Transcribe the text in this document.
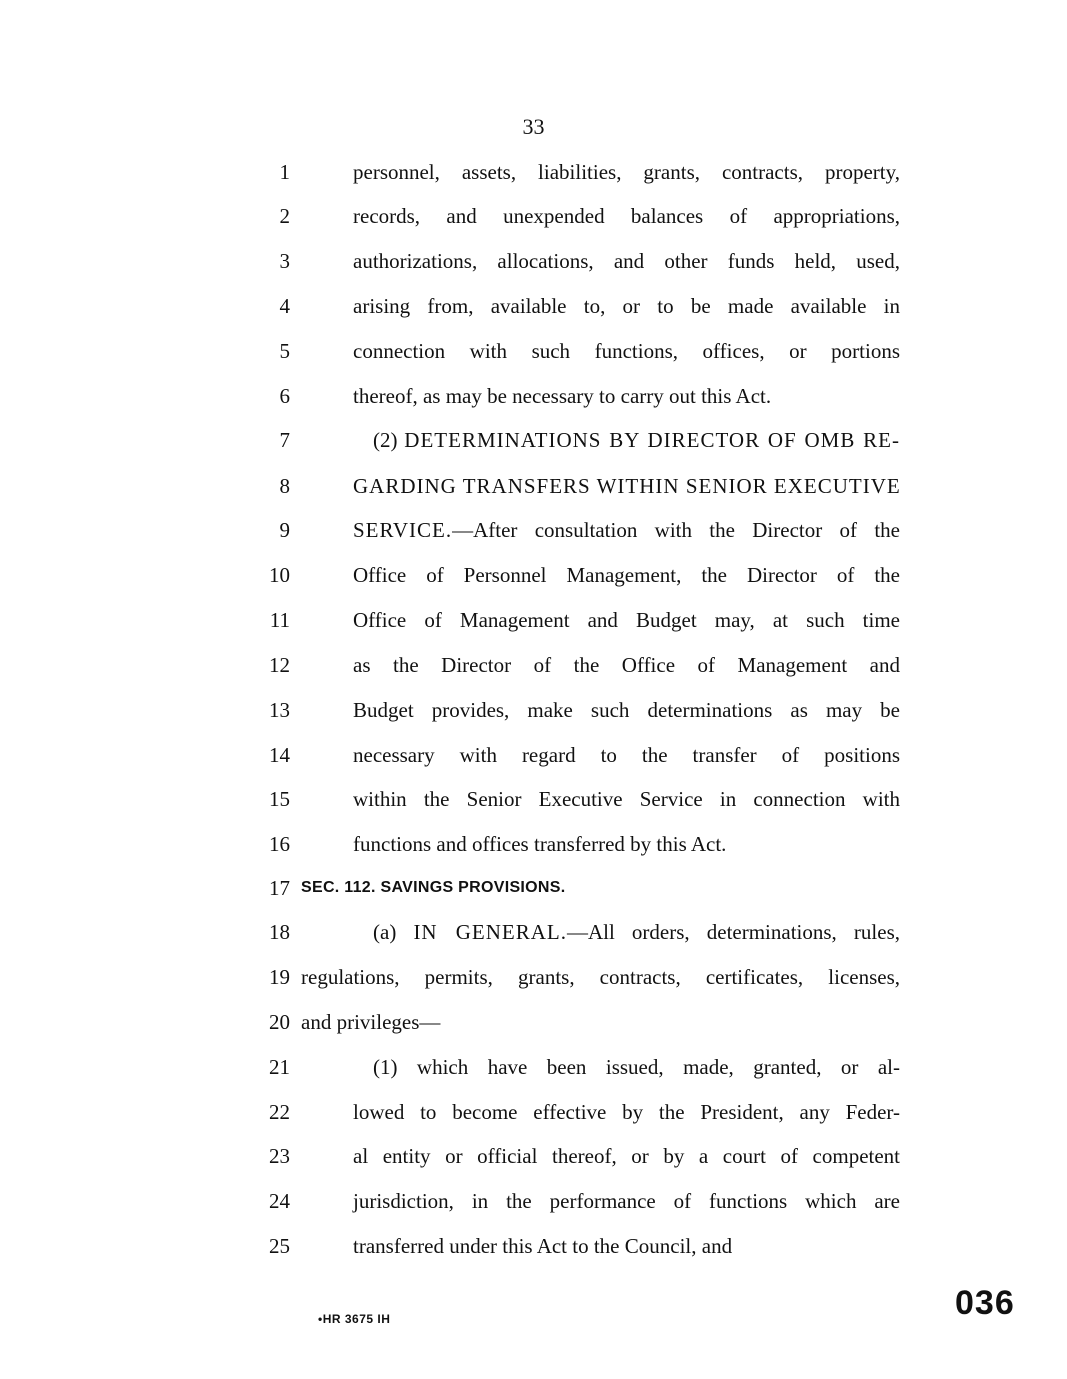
33
1	personnel, assets, liabilities, grants, contracts, property,
2	records, and unexpended balances of appropriations,
3	authorizations, allocations, and other funds held, used,
4	arising from, available to, or to be made available in
5	connection with such functions, offices, or portions
6	thereof, as may be necessary to carry out this Act.
7	(2) DETERMINATIONS BY DIRECTOR OF OMB RE-
8	GARDING TRANSFERS WITHIN SENIOR EXECUTIVE
9	SERVICE.—After consultation with the Director of the
10	Office of Personnel Management, the Director of the
11	Office of Management and Budget may, at such time
12	as the Director of the Office of Management and
13	Budget provides, make such determinations as may be
14	necessary with regard to the transfer of positions
15	within the Senior Executive Service in connection with
16	functions and offices transferred by this Act.
17 SEC. 112. SAVINGS PROVISIONS.
18	(a) IN GENERAL.—All orders, determinations, rules,
19 regulations, permits, grants, contracts, certificates, licenses,
20 and privileges—
21	(1) which have been issued, made, granted, or al-
22	lowed to become effective by the President, any Feder-
23	al entity or official thereof, or by a court of competent
24	jurisdiction, in the performance of functions which are
25	transferred under this Act to the Council, and
036
•HR 3675 IH
